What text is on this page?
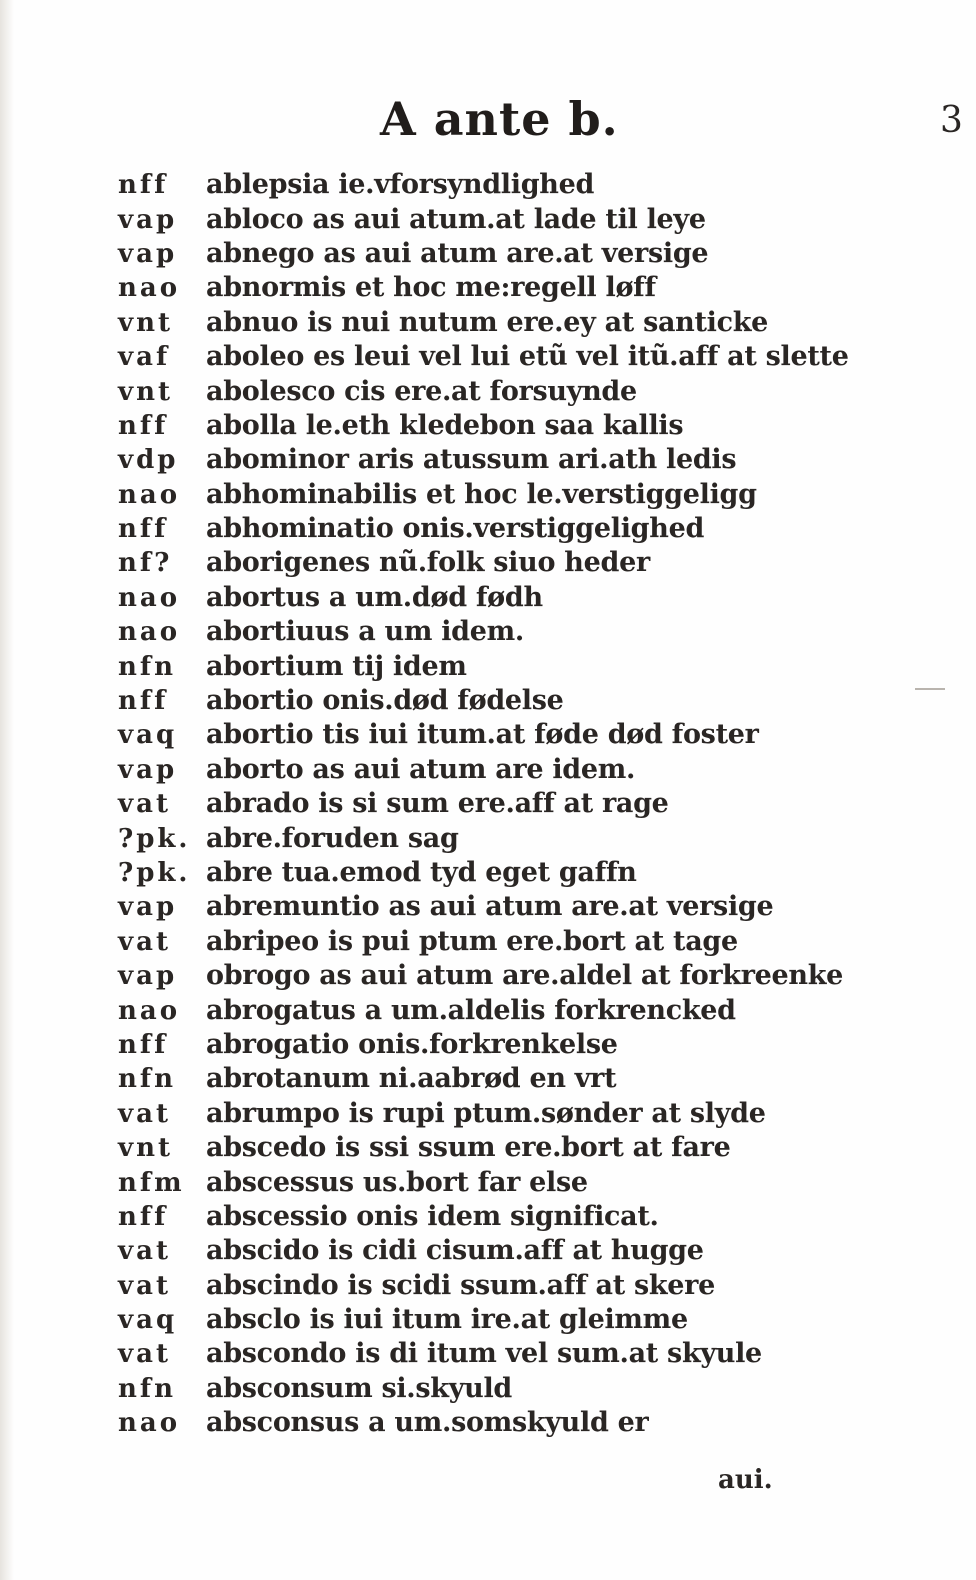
A ante b.	3
nff	ablepsia ie.vforsyndlighed
vap	abloco as aui atum.at lade til leye
vap	abnego as aui atum are.at versige
nao abnormis et hoc me:regell løff
vnt	abnuo is nui nutum ere.ey at santicke
vaf	aboleo es leui vel lui etũ vel itũ.aff at slette
vnt	abolesco cis ere.at forsuynde
nff	abolla le.eth kledebon saa kallis
vdp	abominor aris atussum ari.ath ledis
nao abhominabilis et hoc le.verstiggeligg
nff	abhominatio onis.verstiggelighed
nf?	aborigenes nũ.folk siuo heder
nao abortus a um.død fødh
nao abortiuus a um idem.
nfn	abortium tij idem
nff	abortio onis.død fødelse
vaq	abortio tis iui itum.at føde død foster
vap	aborto as aui atum are idem.
vat	abrado is si sum ere.aff at rage
?pk. abre.foruden sag
?pk. abre tua.emod tyd eget gaffn
vap	abremuntio as aui atum are.at versige
vat	abripeo is pui ptum ere.bort at tage
vap	obrogo as aui atum are.aldel at forkreenke
nao abrogatus a um.aldelis forkrencked
nff	abrogatio onis.forkrenkelse
nfn	abrotanum ni.aabrød en vrt
vat	abrumpo is rupi ptum.sønder at slyde
vnt	abscedo is ssi ssum ere.bort at fare
nfm abscessus us.bort far else
nff	abscessio onis idem significat.
vat	abscido is cidi cisum.aff at hugge
vat	abscindo is scidi ssum.aff at skere
vaq	absclo is iui itum ire.at gleimme
vat	abscondo is di itum vel sum.at skyule
nfn	absconsum si.skyuld
nao absconsus a um.somskyuld er
aui.
